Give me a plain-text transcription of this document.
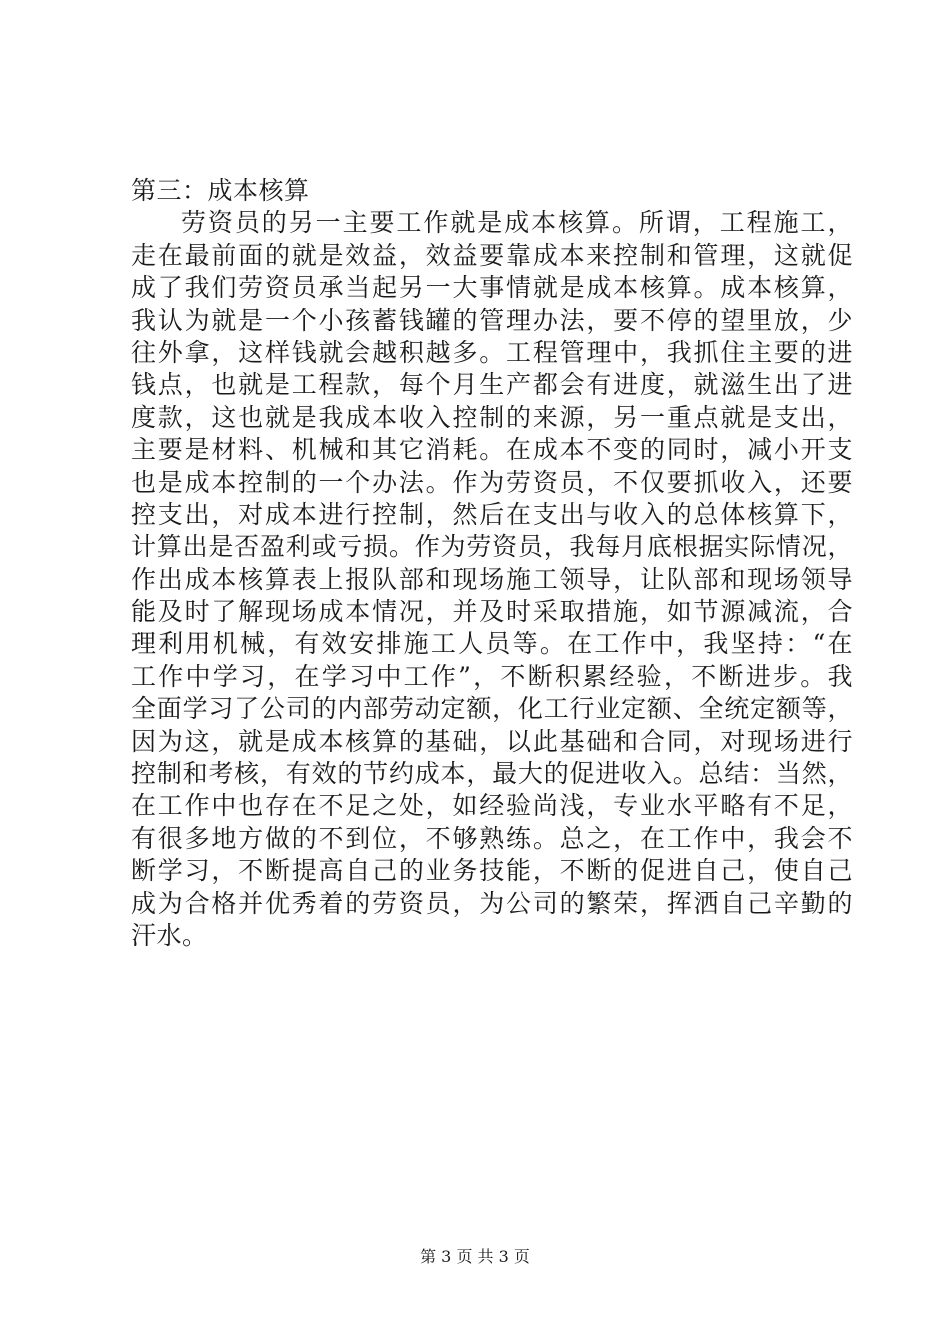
第三：成本核算
劳资员的另一主要工作就是成本核算。所谓，工程施工，
走在最前面的就是效益，效益要靠成本来控制和管理，这就促
成了我们劳资员承当起另一大事情就是成本核算。成本核算，
我认为就是一个小孩蓄钱罐的管理办法，要不停的望里放，少
往外拿，这样钱就会越积越多。工程管理中，我抓住主要的进
钱点，也就是工程款，每个月生产都会有进度，就滋生出了进
度款，这也就是我成本收入控制的来源，另一重点就是支出，
主要是材料、机械和其它消耗。在成本不变的同时，减小开支
也是成本控制的一个办法。作为劳资员，不仅要抓收入，还要
控支出，对成本进行控制，然后在支出与收入的总体核算下，
计算出是否盈利或亏损。作为劳资员，我每月底根据实际情况，
作出成本核算表上报队部和现场施工领导，让队部和现场领导
能及时了解现场成本情况，并及时采取措施，如节源减流，合
理利用机械，有效安排施工人员等。在工作中，我坚持：“在
工作中学习，在学习中工作”，不断积累经验，不断进步。我
全面学习了公司的内部劳动定额，化工行业定额、全统定额等，
因为这，就是成本核算的基础，以此基础和合同，对现场进行
控制和考核，有效的节约成本，最大的促进收入。总结：当然，
在工作中也存在不足之处，如经验尚浅，专业水平略有不足，
有很多地方做的不到位，不够熟练。总之，在工作中，我会不
断学习，不断提高自己的业务技能，不断的促进自己，使自己
成为合格并优秀着的劳资员，为公司的繁荣，挥洒自己辛勤的
汗水。
第 3 页 共 3 页
